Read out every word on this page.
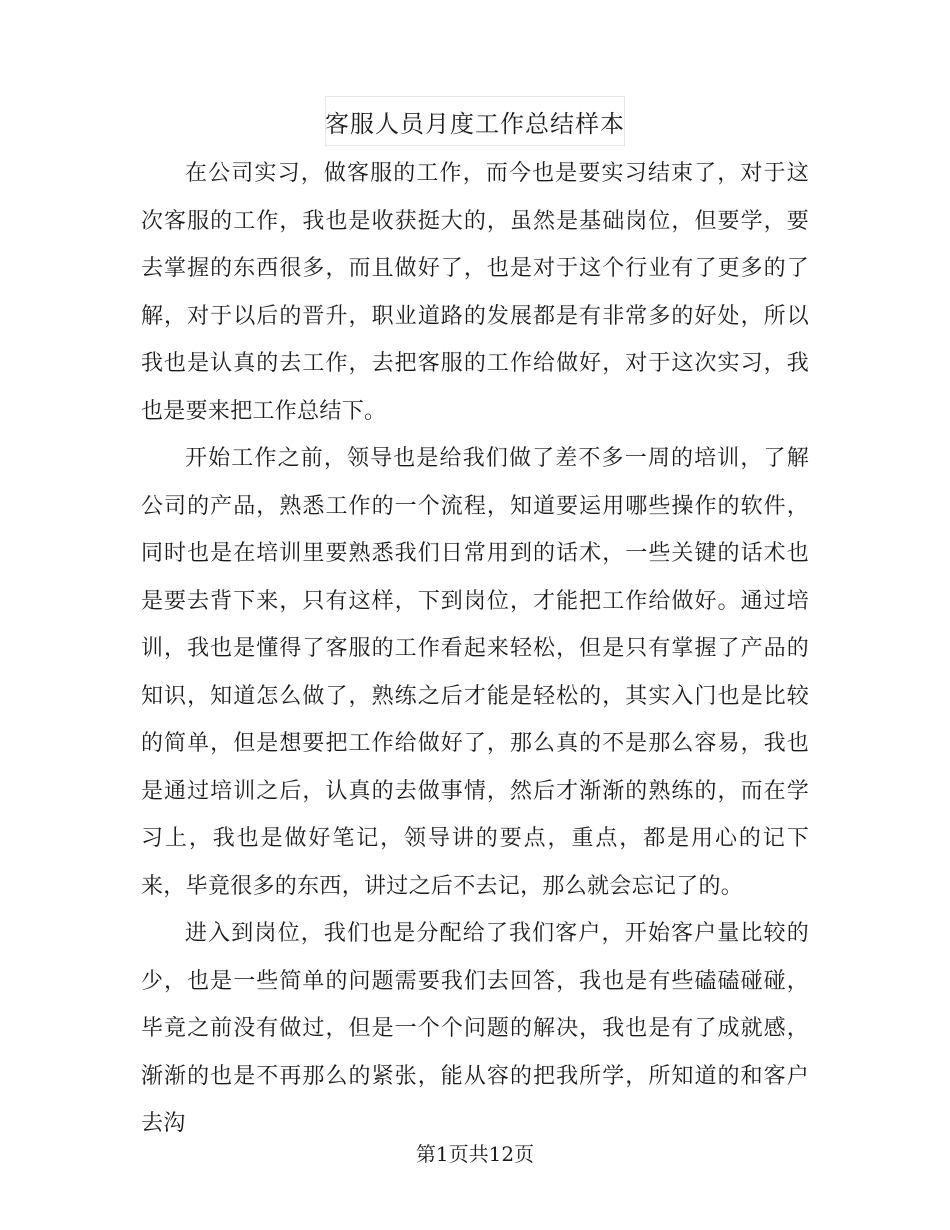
客服人员月度工作总结样本

在公司实习，做客服的工作，而今也是要实习结束了，对于这次客服的工作，我也是收获挺大的，虽然是基础岗位，但要学，要去掌握的东西很多，而且做好了，也是对于这个行业有了更多的了解，对于以后的晋升，职业道路的发展都是有非常多的好处，所以我也是认真的去工作，去把客服的工作给做好，对于这次实习，我也是要来把工作总结下。

开始工作之前，领导也是给我们做了差不多一周的培训，了解公司的产品，熟悉工作的一个流程，知道要运用哪些操作的软件，同时也是在培训里要熟悉我们日常用到的话术，一些关键的话术也是要去背下来，只有这样，下到岗位，才能把工作给做好。通过培训，我也是懂得了客服的工作看起来轻松，但是只有掌握了产品的知识，知道怎么做了，熟练之后才能是轻松的，其实入门也是比较的简单，但是想要把工作给做好了，那么真的不是那么容易，我也是通过培训之后，认真的去做事情，然后才渐渐的熟练的，而在学习上，我也是做好笔记，领导讲的要点，重点，都是用心的记下来，毕竟很多的东西，讲过之后不去记，那么就会忘记了的。

进入到岗位，我们也是分配给了我们客户，开始客户量比较的少，也是一些简单的问题需要我们去回答，我也是有些磕磕碰碰，毕竟之前没有做过，但是一个个问题的解决，我也是有了成就感，渐渐的也是不再那么的紧张，能从容的把我所学，所知道的和客户去沟

第1页共12页
